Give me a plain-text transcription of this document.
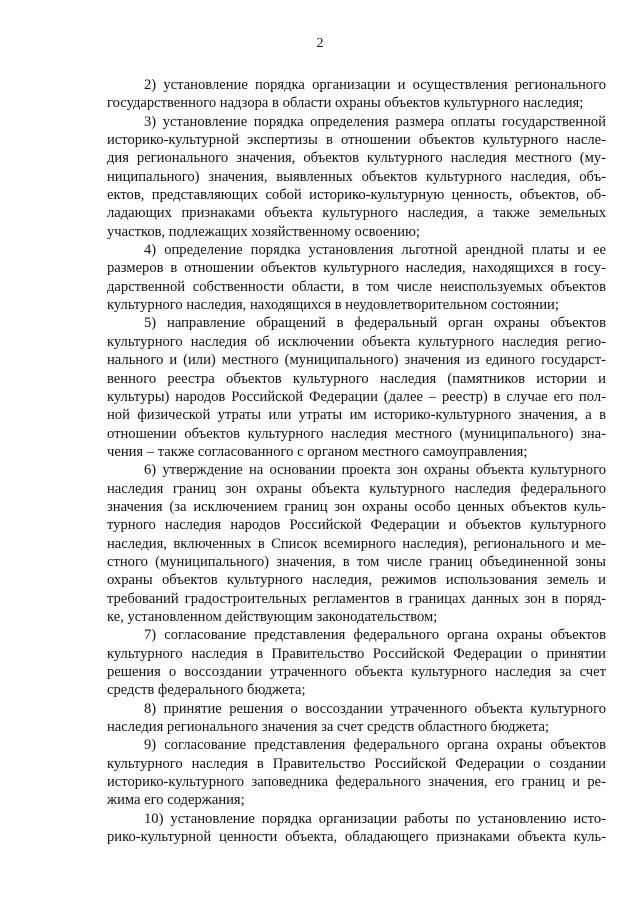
2

2) установление порядка организации и осуществления регионального
государственного надзора в области охраны объектов культурного наследия;

3) установление порядка определения размера оплаты государственной
историко-культурной экспертизы в отношении объектов культурного насле-
дия регионального значения, объектов культурного наследия местного (му-
ниципального) значения, выявленных объектов культурного наследия, объ-
ектов, представляющих собой историко-культурную ценность, объектов, об-
ладающих признаками объекта культурного наследия, а также земельных
участков, подлежащих хозяйственному освоению;

4) определение порядка установления льготной арендной платы и ее
размеров в отношении объектов культурного наследия, находящихся в госу-
дарственной собственности области, в том числе неиспользуемых объектов
культурного наследия, находящихся в неудовлетворительном состоянии;

5) направление обращений в федеральный орган охраны объектов
культурного наследия об исключении объекта культурного наследия регио-
нального и (или) местного (муниципального) значения из единого государст-
венного реестра объектов культурного наследия (памятников истории и
культуры) народов Российской Федерации (далее – реестр) в случае его пол-
ной физической утраты или утраты им историко-культурного значения, а в
отношении объектов культурного наследия местного (муниципального) зна-
чения – также согласованного с органом местного самоуправления;

6) утверждение на основании проекта зон охраны объекта культурного
наследия границ зон охраны объекта культурного наследия федерального
значения (за исключением границ зон охраны особо ценных объектов куль-
турного наследия народов Российской Федерации и объектов культурного
наследия, включенных в Список всемирного наследия), регионального и ме-
стного (муниципального) значения, в том числе границ объединенной зоны
охраны объектов культурного наследия, режимов использования земель и
требований градостроительных регламентов в границах данных зон в поряд-
ке, установленном действующим законодательством;

7) согласование представления федерального органа охраны объектов
культурного наследия в Правительство Российской Федерации о принятии
решения о воссоздании утраченного объекта культурного наследия за счет
средств федерального бюджета;

8) принятие решения о воссоздании утраченного объекта культурного
наследия регионального значения за счет средств областного бюджета;

9) согласование представления федерального органа охраны объектов
культурного наследия в Правительство Российской Федерации о создании
историко-культурного заповедника федерального значения, его границ и ре-
жима его содержания;

10) установление порядка организации работы по установлению исто-
рико-культурной ценности объекта, обладающего признаками объекта куль-
